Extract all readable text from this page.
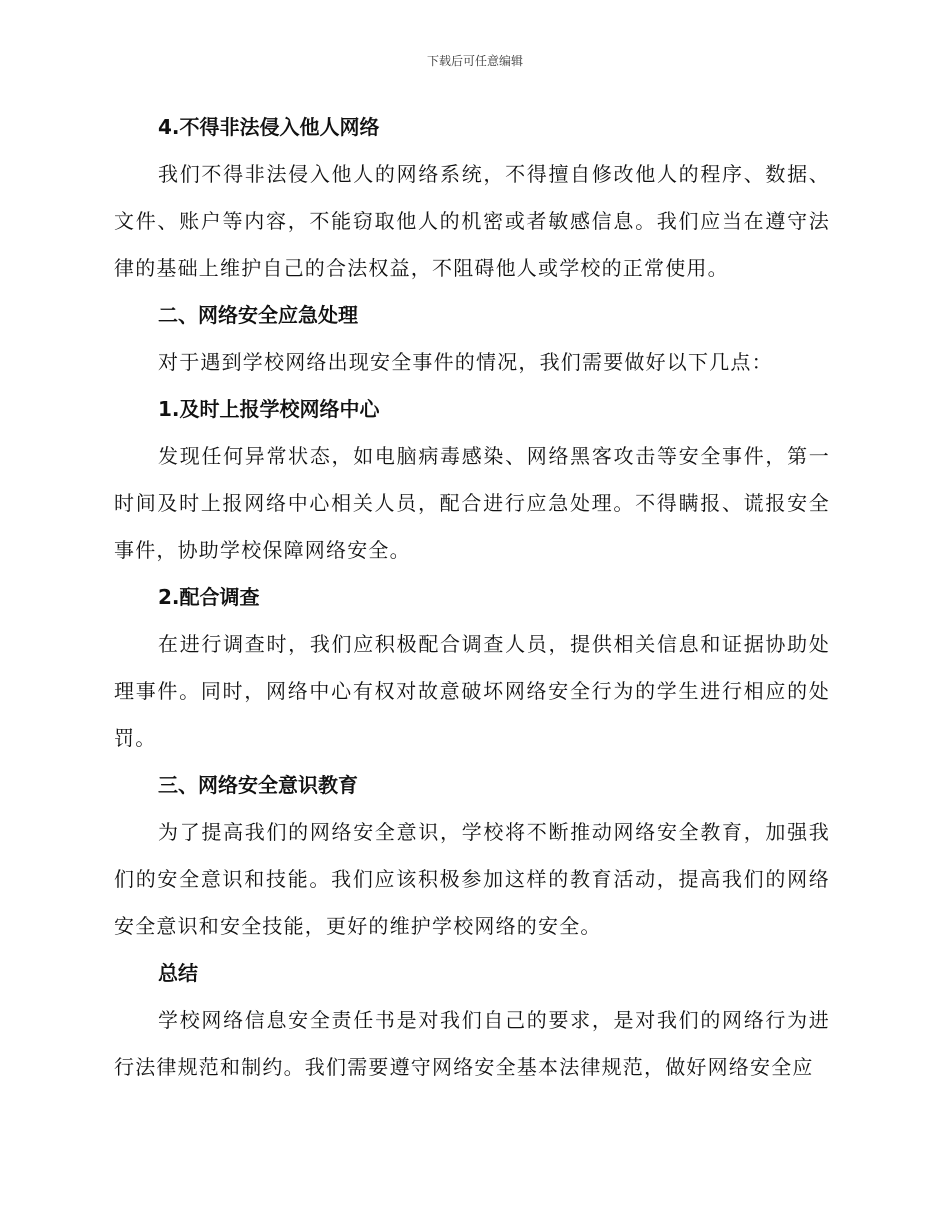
下载后可任意编辑

4.不得非法侵入他人网络

我们不得非法侵入他人的网络系统，不得擅自修改他人的程序、数据、文件、账户等内容，不能窃取他人的机密或者敏感信息。我们应当在遵守法律的基础上维护自己的合法权益，不阻碍他人或学校的正常使用。

二、网络安全应急处理

对于遇到学校网络出现安全事件的情况，我们需要做好以下几点：

1.及时上报学校网络中心

发现任何异常状态，如电脑病毒感染、网络黑客攻击等安全事件，第一时间及时上报网络中心相关人员，配合进行应急处理。不得瞒报、谎报安全事件，协助学校保障网络安全。

2.配合调查

在进行调查时，我们应积极配合调查人员，提供相关信息和证据协助处理事件。同时，网络中心有权对故意破坏网络安全行为的学生进行相应的处罚。

三、网络安全意识教育

为了提高我们的网络安全意识，学校将不断推动网络安全教育，加强我们的安全意识和技能。我们应该积极参加这样的教育活动，提高我们的网络安全意识和安全技能，更好的维护学校网络的安全。

总结

学校网络信息安全责任书是对我们自己的要求，是对我们的网络行为进行法律规范和制约。我们需要遵守网络安全基本法律规范，做好网络安全应
